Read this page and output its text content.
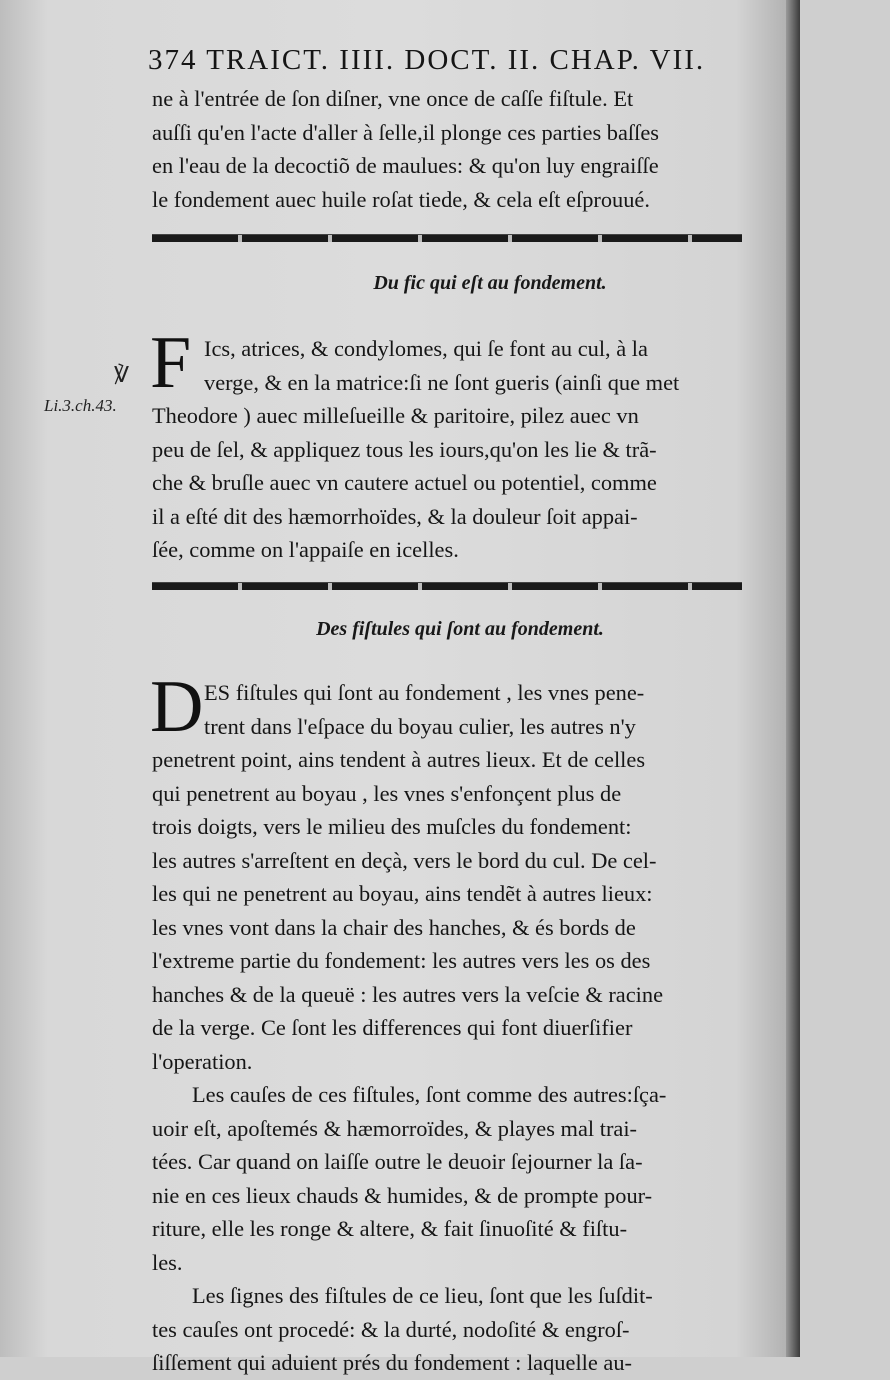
374 TRAICT. IIII. DOCT. II. CHAP. VII.
ne à l'entrée de ſon diſner, vne once de caſſe fiſtule. Et
auſſi qu'en l'acte d'aller à ſelle,il plonge ces parties baſſes
en l'eau de la decoctiõ de maulues: & qu'on luy engraiſſe
le fondement auec huile roſat tiede, & cela eſt eſprouué.
Du fic qui eſt au fondement.
℣
Li.3.ch.43.
F Ics, atrices, & condylomes, qui ſe font au cul, à la
verge, & en la matrice:ſi ne ſont gueris (ainſi que met
Theodore ) auec milleſueille & paritoire, pilez auec vn
peu de ſel, & appliquez tous les iours,qu'on les lie & trã-
che & bruſle auec vn cautere actuel ou potentiel, comme
il a eſté dit des hæmorrhoïdes, & la douleur ſoit appai-
ſée, comme on l'appaiſe en icelles.
Des fiſtules qui ſont au fondement.
D ES fiſtules qui ſont au fondement , les vnes pene-
trent dans l'eſpace du boyau culier, les autres n'y
penetrent point, ains tendent à autres lieux. Et de celles
qui penetrent au boyau , les vnes s'enfonçent plus de
trois doigts, vers le milieu des muſcles du fondement:
les autres s'arreſtent en deçà, vers le bord du cul. De cel-
les qui ne penetrent au boyau, ains tendẽt à autres lieux:
les vnes vont dans la chair des hanches, & és bords de
l'extreme partie du fondement: les autres vers les os des
hanches & de la queuë : les autres vers la veſcie & racine
de la verge. Ce ſont les differences qui font diuerſifier
l'operation.
Les cauſes de ces fiſtules, ſont comme des autres:ſça-
uoir eſt, apoſtemés & hæmorroïdes, & playes mal trai-
tées. Car quand on laiſſe outre le deuoir ſejourner la ſa-
nie en ces lieux chauds & humides, & de prompte pour-
riture, elle les ronge & altere, & fait ſinuoſité & fiſtu-
les.
Les ſignes des fiſtules de ce lieu, ſont que les ſuſdit-
tes cauſes ont procedé: & la durté, nodoſité & engroſ-
ſiſſement qui aduient prés du fondement : laquelle au-
